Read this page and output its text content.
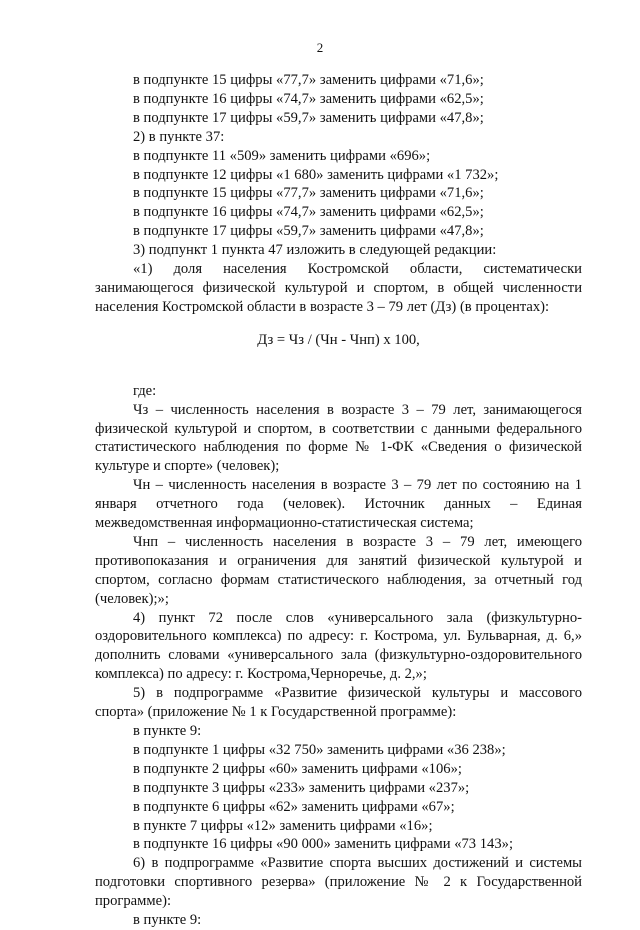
2

в подпункте 15 цифры «77,7» заменить цифрами «71,6»;

в подпункте 16 цифры «74,7» заменить цифрами «62,5»;

в подпункте 17 цифры «59,7» заменить цифрами «47,8»;

2) в пункте 37:

в подпункте 11 «509» заменить цифрами «696»;

в подпункте 12 цифры «1 680» заменить цифрами «1 732»;

в подпункте 15 цифры «77,7» заменить цифрами «71,6»;

в подпункте 16 цифры «74,7» заменить цифрами «62,5»;

в подпункте 17 цифры «59,7» заменить цифрами «47,8»;

3) подпункт 1 пункта 47 изложить в следующей редакции:

«1) доля населения Костромской области, систематически занимающегося физической культурой и спортом, в общей численности населения Костромской области в возрасте 3 – 79 лет (Дз) (в процентах):

Дз = Чз / (Чн - Чнп) х 100,

где:

Чз – численность населения в возрасте 3 – 79 лет, занимающегося физической культурой и спортом, в соответствии с данными федерального статистического наблюдения по форме № 1-ФК «Сведения о физической культуре и спорте» (человек);

Чн – численность населения в возрасте 3 – 79 лет по состоянию на 1 января отчетного года (человек). Источник данных – Единая межведомственная информационно-статистическая система;

Чнп – численность населения в возрасте 3 – 79 лет, имеющего противопоказания и ограничения для занятий физической культурой и спортом, согласно формам статистического наблюдения, за отчетный год (человек);»;

4) пункт 72 после слов «универсального зала (физкультурно-оздоровительного комплекса) по адресу: г. Кострома, ул. Бульварная, д. 6,» дополнить словами «универсального зала (физкультурно-оздоровительного комплекса) по адресу: г. Кострома,Черноречье, д. 2,»;

5) в подпрограмме «Развитие физической культуры и массового спорта» (приложение № 1 к Государственной программе):

в пункте 9:

в подпункте 1 цифры «32 750» заменить цифрами «36 238»;

в подпункте 2 цифры «60» заменить цифрами «106»;

в подпункте 3 цифры «233» заменить цифрами «237»;

в подпункте 6 цифры «62» заменить цифрами «67»;

в пункте 7 цифры «12» заменить цифрами «16»;

в подпункте 16 цифры «90 000» заменить цифрами «73 143»;

6) в подпрограмме «Развитие спорта высших достижений и системы подготовки спортивного резерва» (приложение № 2 к Государственной программе):

в пункте 9:
